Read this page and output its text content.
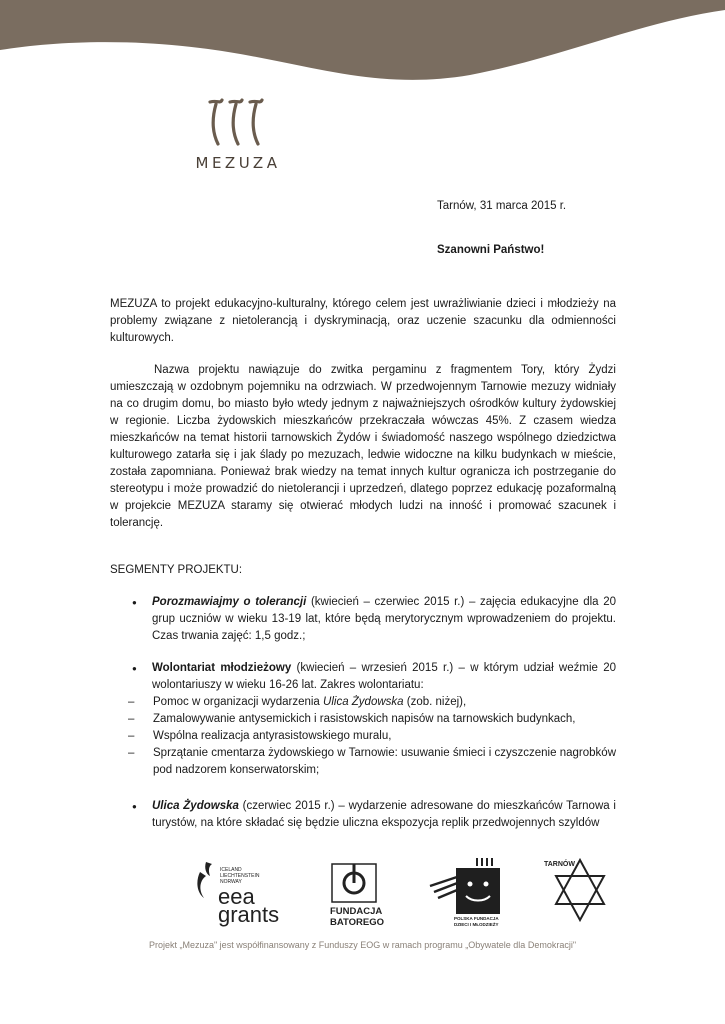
MEZUZA
Tarnów, 31 marca 2015 r.
Szanowni Państwo!

MEZUZA to projekt edukacyjno-kulturalny, którego celem jest uwrażliwianie dzieci i młodzieży na problemy związane z nietolerancją i dyskryminacją, oraz uczenie szacunku dla odmienności kulturowych.

Nazwa projektu nawiązuje do zwitka pergaminu z fragmentem Tory, który Żydzi umieszczają w ozdobnym pojemniku na odrzwiach. W przedwojennym Tarnowie mezuzy widniały na co drugim domu, bo miasto było wtedy jednym z najważniejszych ośrodków kultury żydowskiej w regionie. Liczba żydowskich mieszkańców przekraczała wówczas 45%. Z czasem wiedza mieszkańców na temat historii tarnowskich Żydów i świadomość naszego wspólnego dziedzictwa kulturowego zatarła się i jak ślady po mezuzach, ledwie widoczne na kilku budynkach w mieście, została zapomniana. Ponieważ brak wiedzy na temat innych kultur ogranicza ich postrzeganie do stereotypu i może prowadzić do nietolerancji i uprzedzeń, dlatego poprzez edukację pozaformalną w projekcie MEZUZA staramy się otwierać młodych ludzi na inność i promować szacunek i tolerancję.

SEGMENTY PROJEKTU:

● Porozmawiajmy o tolerancji (kwiecień – czerwiec 2015 r.) – zajęcia edukacyjne dla 20 grup uczniów w wieku 13-19 lat, które będą merytorycznym wprowadzeniem do projektu. Czas trwania zajęć: 1,5 godz.;

● Wolontariat młodzieżowy (kwiecień – wrzesień 2015 r.) – w którym udział weźmie 20 wolontariuszy w wieku 16-26 lat. Zakres wolontariatu:

– Pomoc w organizacji wydarzenia Ulica Żydowska (zob. niżej),
– Zamalowywanie antysemickich i rasistowskich napisów na tarnowskich budynkach,
– Wspólna realizacja antyrasistowskiego muralu,
– Sprzątanie cmentarza żydowskiego w Tarnowie: usuwanie śmieci i czyszczenie nagrobków pod nadzorem konserwatorskim;

● Ulica Żydowska (czerwiec 2015 r.) – wydarzenie adresowane do mieszkańców Tarnowa i turystów, na które składać się będzie uliczna ekspozycja replik przedwojennych szyldów

ICELAND
LIECHTENSTEIN
NORWAY
eea
grants	FUNDACJA
BATOREGO	POLSKA FUNDACJA
DZIECI I MŁODZIEŻY
TARNÓW
Projekt „Mezuza" jest współfinansowany z Funduszy EOG w ramach programu „Obywatele dla Demokracji"
